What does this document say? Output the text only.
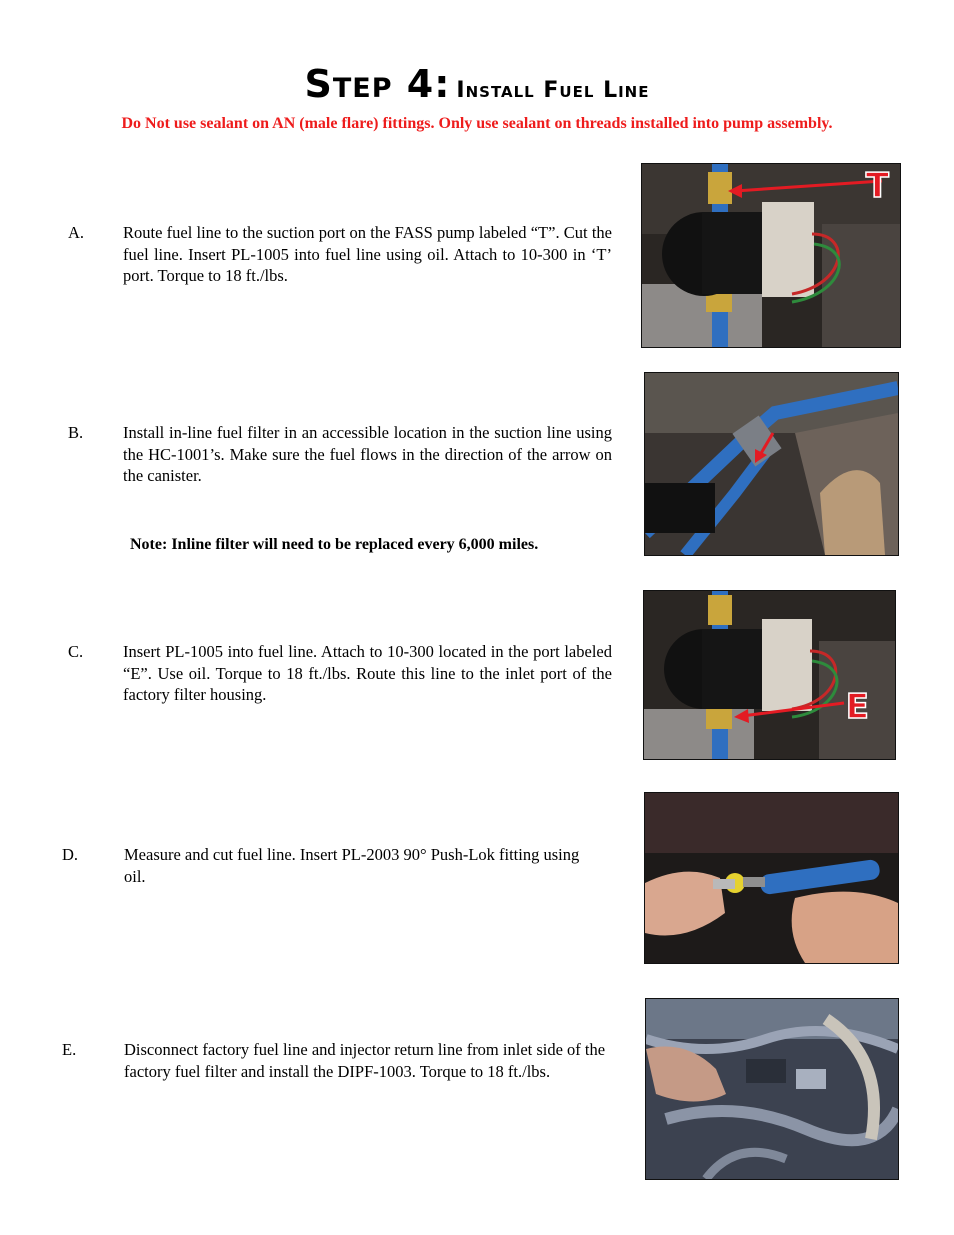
Step 4: Install Fuel Line
Do Not use sealant on AN (male flare) fittings. Only use sealant on threads installed into pump assembly.
A. Route fuel line to the suction port on the FASS pump labeled “T”. Cut the fuel line. Insert PL-1005 into fuel line using oil. Attach to 10-300 in ‘T’ port. Torque to 18 ft./lbs.
B. Install in-line fuel filter in an accessible location in the suction line using the HC-1001’s. Make sure the fuel flows in the direction of the arrow on the canister.
Note: Inline filter will need to be replaced every 6,000 miles.
C. Insert PL-1005 into fuel line. Attach to 10-300 located in the port labeled “E”. Use oil. Torque to 18 ft./lbs. Route this line to the inlet port of the factory filter housing.
D.	Measure and cut fuel line. Insert PL-2003 90° Push-Lok fitting using oil.
E.	Disconnect factory fuel line and injector return line from inlet side of the factory fuel filter and install the DIPF-1003. Torque to 18 ft./lbs.
T
E
